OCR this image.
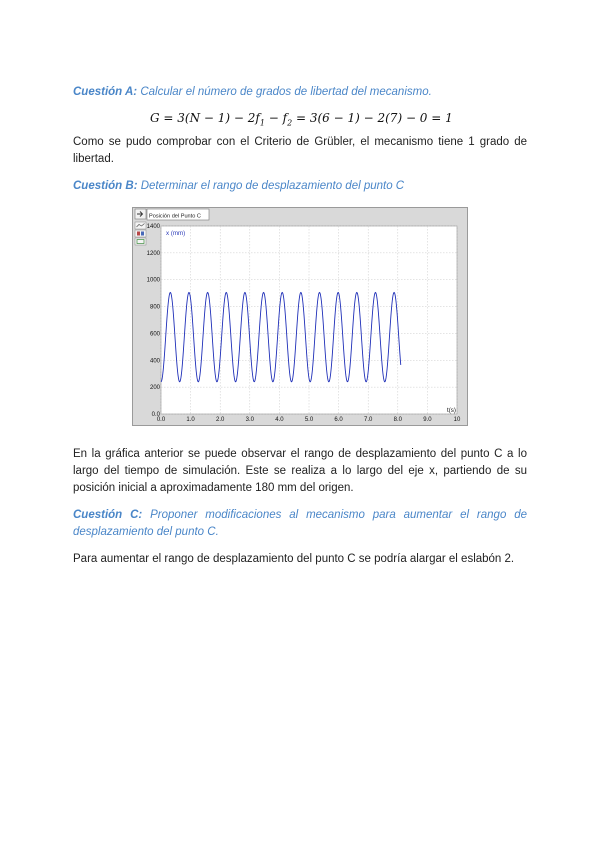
Cuestión A: Calcular el número de grados de libertad del mecanismo.
$G = 3(N - 1) - 2f_1 - f_2 = 3(6 - 1) - 2(7) - 0 = 1$
Como se pudo comprobar con el Criterio de Grübler, el mecanismo tiene 1 grado de libertad.
Cuestión B: Determinar el rango de desplazamiento del punto C
Posición del Punto C
0.0	1.0	2.0	3.0	4.0	5.0	6.0	7.0	8.0	9.0	10
0.0
200
400
600
800
1000
1200
1400
x (mm)
t(s)
En la gráfica anterior se puede observar el rango de desplazamiento del punto C a lo largo del tiempo de simulación. Este se realiza a lo largo del eje x, partiendo de su posición inicial a aproximadamente 180 mm del origen.
Cuestión C: Proponer modificaciones al mecanismo para aumentar el rango de desplazamiento del punto C.
Para aumentar el rango de desplazamiento del punto C se podría alargar el eslabón 2.
